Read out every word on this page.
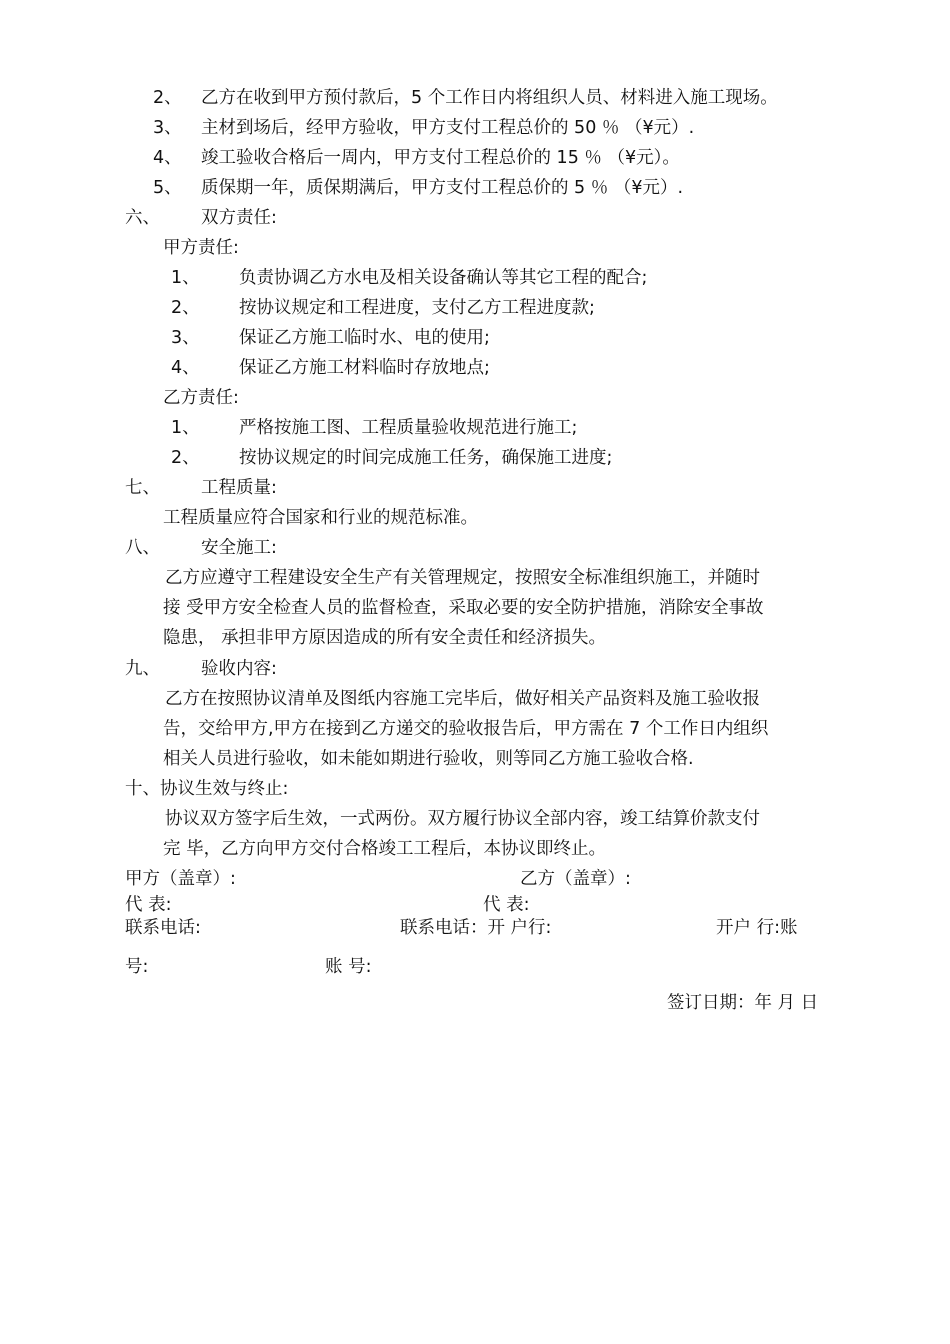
2、 乙方在收到甲方预付款后，5 个工作日内将组织人员、材料进入施工现场。
3、 主材到场后，经甲方验收，甲方支付工程总价的 50 ％ （¥元）.
4、 竣工验收合格后一周内，甲方支付工程总价的 15 ％ （¥元）。
5、 质保期一年，质保期满后，甲方支付工程总价的 5 ％ （¥元）.
六、 双方责任:
甲方责任:
1、 负责协调乙方水电及相关设备确认等其它工程的配合;
2、 按协议规定和工程进度，支付乙方工程进度款;
3、 保证乙方施工临时水、电的使用;
4、 保证乙方施工材料临时存放地点;
乙方责任:
1、 严格按施工图、工程质量验收规范进行施工;
2、 按协议规定的时间完成施工任务，确保施工进度;
七、 工程质量:
工程质量应符合国家和行业的规范标准。
八、 安全施工:
乙方应遵守工程建设安全生产有关管理规定，按照安全标准组织施工，并随时
接 受甲方安全检查人员的监督检查，采取必要的安全防护措施，消除安全事故
隐患， 承担非甲方原因造成的所有安全责任和经济损失。
九、 验收内容:
乙方在按照协议清单及图纸内容施工完毕后，做好相关产品资料及施工验收报
告，交给甲方,甲方在接到乙方递交的验收报告后，甲方需在 7 个工作日内组织
相关人员进行验收，如未能如期进行验收，则等同乙方施工验收合格.
十、协议生效与终止:
协议双方签字后生效，一式两份。双方履行协议全部内容，竣工结算价款支付
完 毕，乙方向甲方交付合格竣工工程后，本协议即终止。
甲方（盖章）:	乙方（盖章）:
代 表:	代 表:
联系电话:	联系电话：开 户行:	开户 行:账
号:	账 号:
签订日期：年 月 日
